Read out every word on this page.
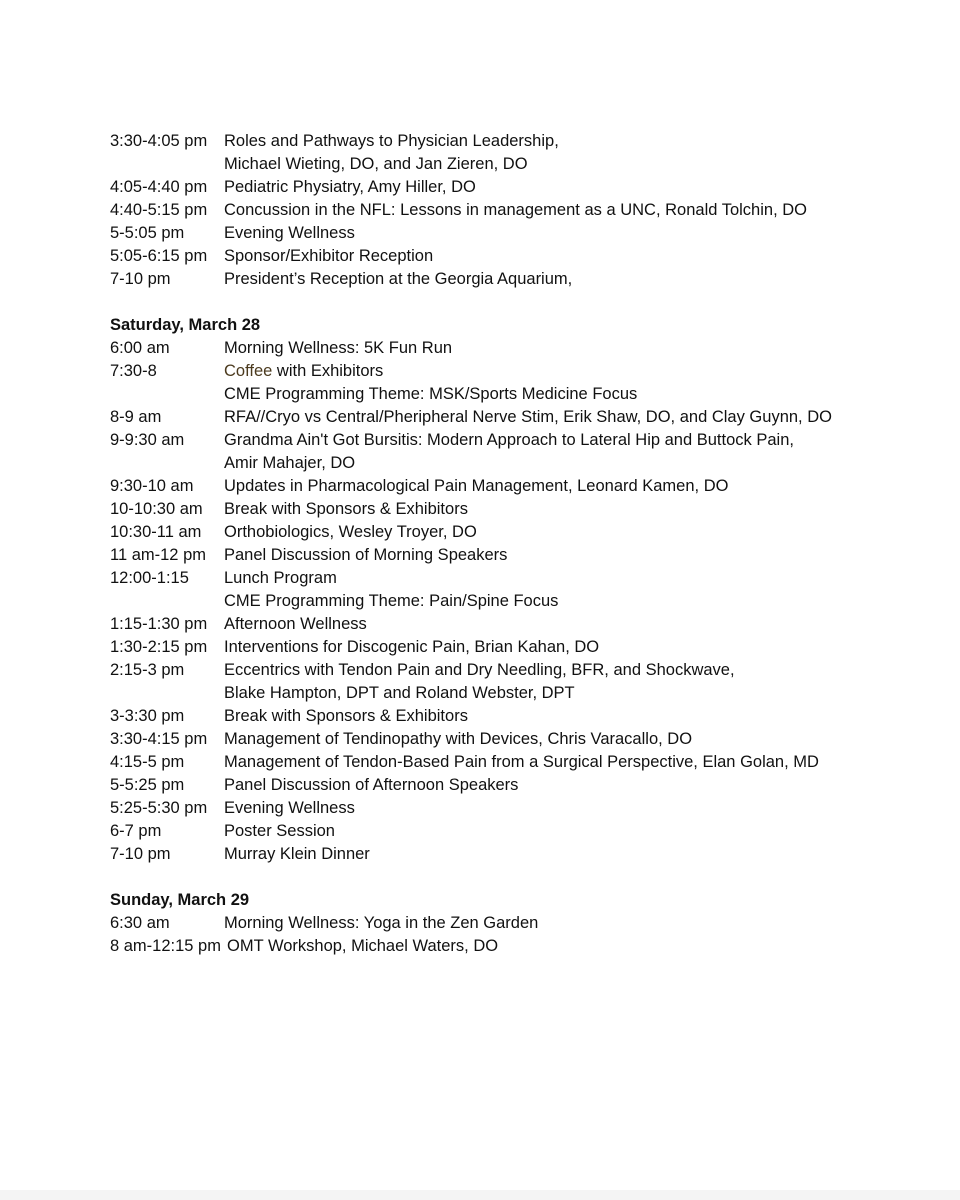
3:30-4:05 pm Roles and Pathways to Physician Leadership,
Michael Wieting, DO, and Jan Zieren, DO
4:05-4:40 pm Pediatric Physiatry, Amy Hiller, DO
4:40-5:15 pm Concussion in the NFL: Lessons in management as a UNC, Ronald Tolchin, DO
5-5:05 pm Evening Wellness
5:05-6:15 pm Sponsor/Exhibitor Reception
7-10 pm	President’s Reception at the Georgia Aquarium,
Saturday, March 28
6:00 am	Morning Wellness: 5K Fun Run
7:30-8	Coffee with Exhibitors
CME Programming Theme: MSK/Sports Medicine Focus
8-9 am	RFA//Cryo vs Central/Pheripheral Nerve Stim, Erik Shaw, DO, and Clay Guynn, DO
9-9:30 am Grandma Ain't Got Bursitis: Modern Approach to Lateral Hip and Buttock Pain,
Amir Mahajer, DO
9:30-10 am Updates in Pharmacological Pain Management, Leonard Kamen, DO
10-10:30 am Break with Sponsors & Exhibitors
10:30-11 am Orthobiologics, Wesley Troyer, DO
11 am-12 pm Panel Discussion of Morning Speakers
12:00-1:15 Lunch Program
CME Programming Theme: Pain/Spine Focus
1:15-1:30 pm Afternoon Wellness
1:30-2:15 pm Interventions for Discogenic Pain, Brian Kahan, DO
2:15-3 pm Eccentrics with Tendon Pain and Dry Needling, BFR, and Shockwave,
Blake Hampton, DPT and Roland Webster, DPT
3-3:30 pm Break with Sponsors & Exhibitors
3:30-4:15 pm Management of Tendinopathy with Devices, Chris Varacallo, DO
4:15-5 pm Management of Tendon-Based Pain from a Surgical Perspective, Elan Golan, MD
5-5:25 pm Panel Discussion of Afternoon Speakers
5:25-5:30 pm Evening Wellness
6-7 pm	Poster Session
7-10 pm	Murray Klein Dinner
Sunday, March 29
6:30 am	Morning Wellness: Yoga in the Zen Garden
8 am-12:15 pm OMT Workshop, Michael Waters, DO
